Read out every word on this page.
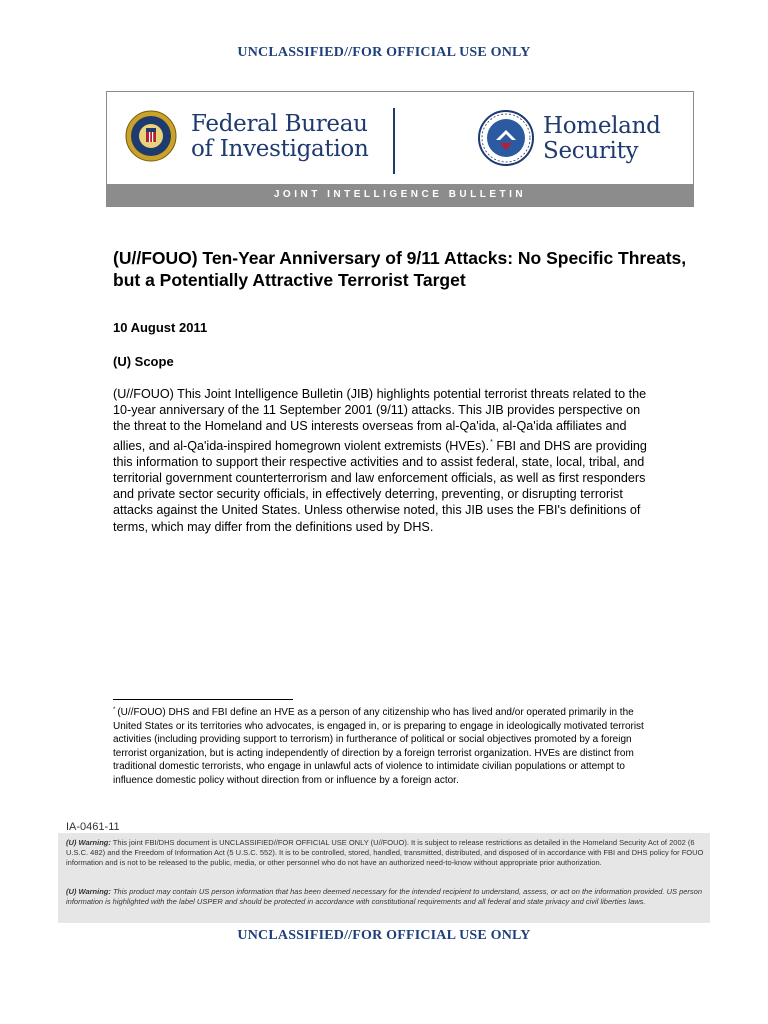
UNCLASSIFIED//FOR OFFICIAL USE ONLY
Federal Bureau
of Investigation
Homeland
Security
JOINT INTELLIGENCE BULLETIN
(U//FOUO) Ten-Year Anniversary of 9/11 Attacks: No Specific Threats, but a Potentially Attractive Terrorist Target
10 August 2011
(U) Scope
(U//FOUO) This Joint Intelligence Bulletin (JIB) highlights potential terrorist threats related to the 10-year anniversary of the 11 September 2001 (9/11) attacks. This JIB provides perspective on the threat to the Homeland and US interests overseas from al-Qa'ida, al-Qa'ida affiliates and allies, and al-Qa'ida-inspired homegrown violent extremists (HVEs).* FBI and DHS are providing this information to support their respective activities and to assist federal, state, local, tribal, and territorial government counterterrorism and law enforcement officials, as well as first responders and private sector security officials, in effectively deterring, preventing, or disrupting terrorist attacks against the United States. Unless otherwise noted, this JIB uses the FBI's definitions of terms, which may differ from the definitions used by DHS.
* (U//FOUO) DHS and FBI define an HVE as a person of any citizenship who has lived and/or operated primarily in the United States or its territories who advocates, is engaged in, or is preparing to engage in ideologically motivated terrorist activities (including providing support to terrorism) in furtherance of political or social objectives promoted by a foreign terrorist organization, but is acting independently of direction by a foreign terrorist organization. HVEs are distinct from traditional domestic terrorists, who engage in unlawful acts of violence to intimidate civilian populations or attempt to influence domestic policy without direction from or influence by a foreign actor.
IA-0461-11

(U) Warning: This joint FBI/DHS document is UNCLASSIFIED//FOR OFFICIAL USE ONLY (U//FOUO). It is subject to release restrictions as detailed in the Homeland Security Act of 2002 (6 U.S.C. 482) and the Freedom of Information Act (5 U.S.C. 552). It is to be controlled, stored, handled, transmitted, distributed, and disposed of in accordance with FBI and DHS policy for FOUO information and is not to be released to the public, media, or other personnel who do not have an authorized need-to-know without appropriate prior authorization.

(U) Warning: This product may contain US person information that has been deemed necessary for the intended recipient to understand, assess, or act on the information provided. US person information is highlighted with the label USPER and should be protected in accordance with constitutional requirements and all federal and state privacy and civil liberties laws.

UNCLASSIFIED//FOR OFFICIAL USE ONLY
